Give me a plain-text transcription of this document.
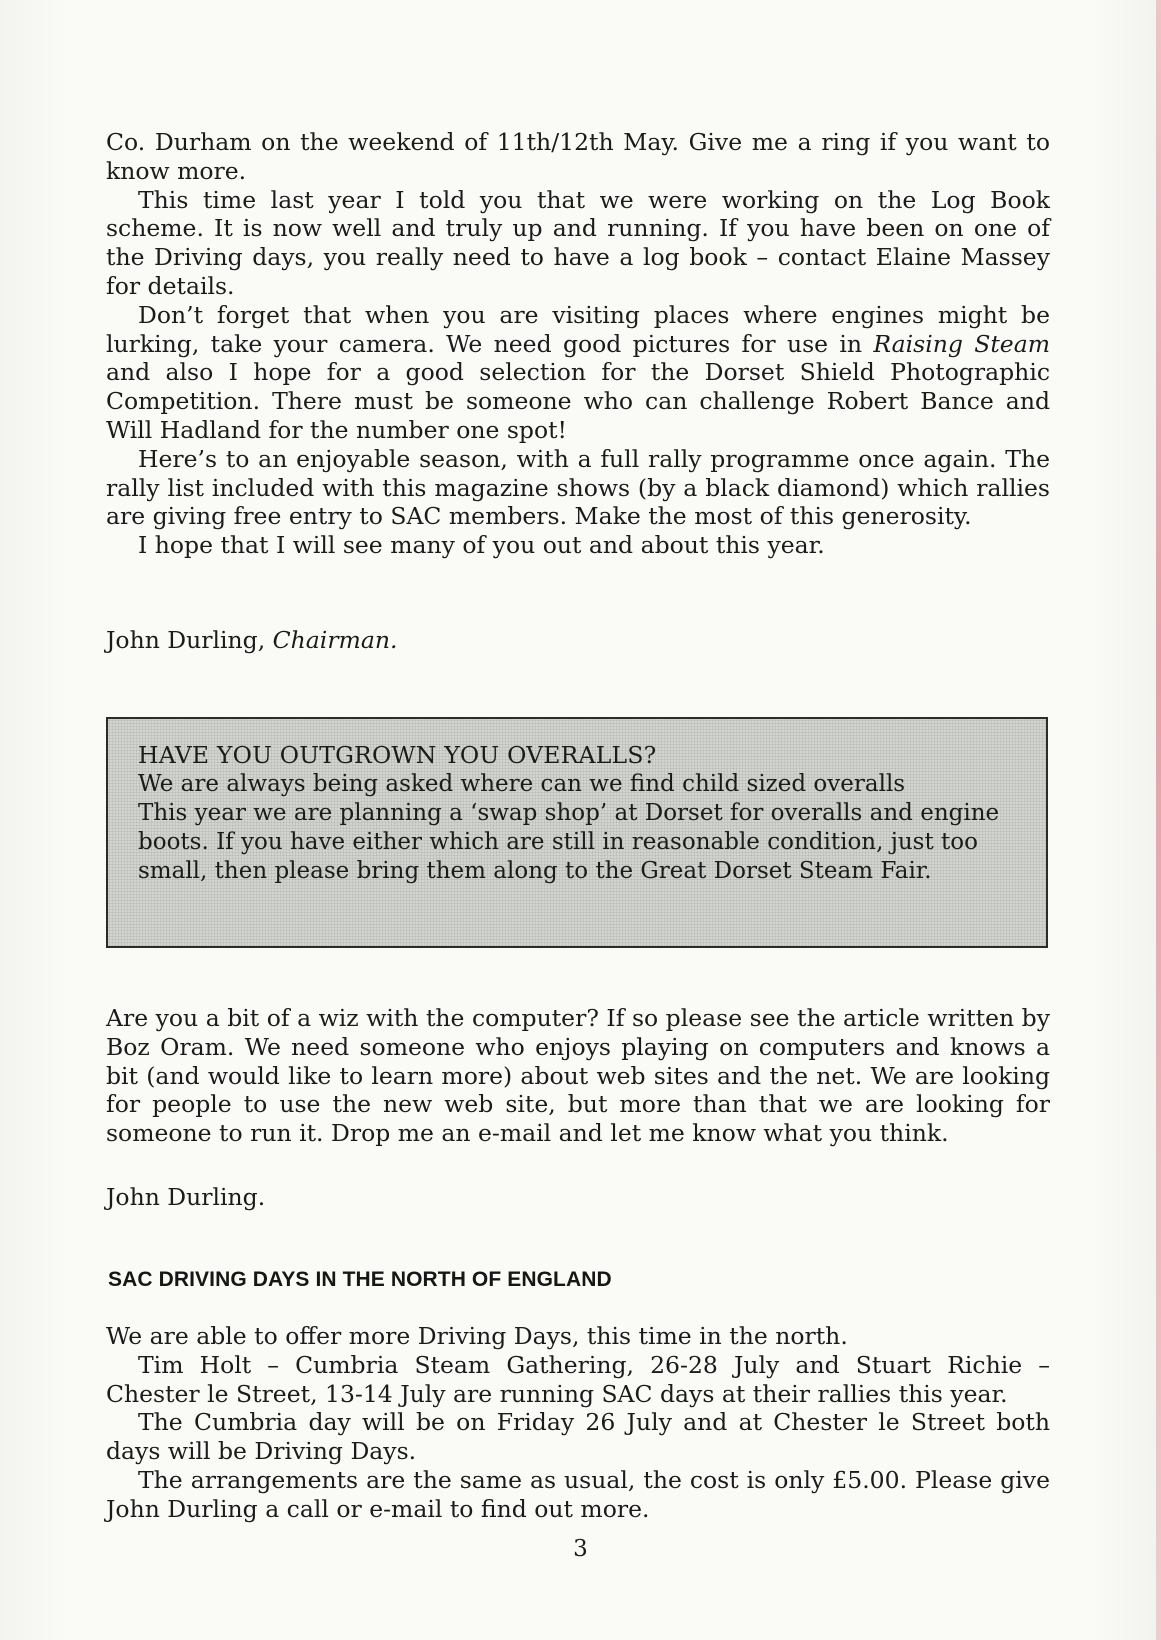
Co. Durham on the weekend of 11th/12th May. Give me a ring if you want to know more.

This time last year I told you that we were working on the Log Book scheme. It is now well and truly up and running. If you have been on one of the Driving days, you really need to have a log book – contact Elaine Massey for details.

Don’t forget that when you are visiting places where engines might be lurking, take your camera. We need good pictures for use in Raising Steam and also I hope for a good selection for the Dorset Shield Photographic Competition. There must be someone who can challenge Robert Bance and Will Hadland for the number one spot!

Here’s to an enjoyable season, with a full rally programme once again. The rally list included with this magazine shows (by a black diamond) which rallies are giving free entry to SAC members. Make the most of this generosity.

I hope that I will see many of you out and about this year.

John Durling, Chairman.

HAVE YOU OUTGROWN YOU OVERALLS?

We are always being asked where can we find child sized overalls

This year we are planning a ‘swap shop’ at Dorset for overalls and engine boots. If you have either which are still in reasonable condition, just too small, then please bring them along to the Great Dorset Steam Fair.

Are you a bit of a wiz with the computer? If so please see the article written by Boz Oram. We need someone who enjoys playing on computers and knows a bit (and would like to learn more) about web sites and the net. We are looking for people to use the new web site, but more than that we are looking for someone to run it. Drop me an e-mail and let me know what you think.

John Durling.

SAC DRIVING DAYS IN THE NORTH OF ENGLAND

We are able to offer more Driving Days, this time in the north.

Tim Holt – Cumbria Steam Gathering, 26-28 July and Stuart Richie – Chester le Street, 13-14 July are running SAC days at their rallies this year.

The Cumbria day will be on Friday 26 July and at Chester le Street both days will be Driving Days.

The arrangements are the same as usual, the cost is only £5.00. Please give John Durling a call or e-mail to find out more.

3
